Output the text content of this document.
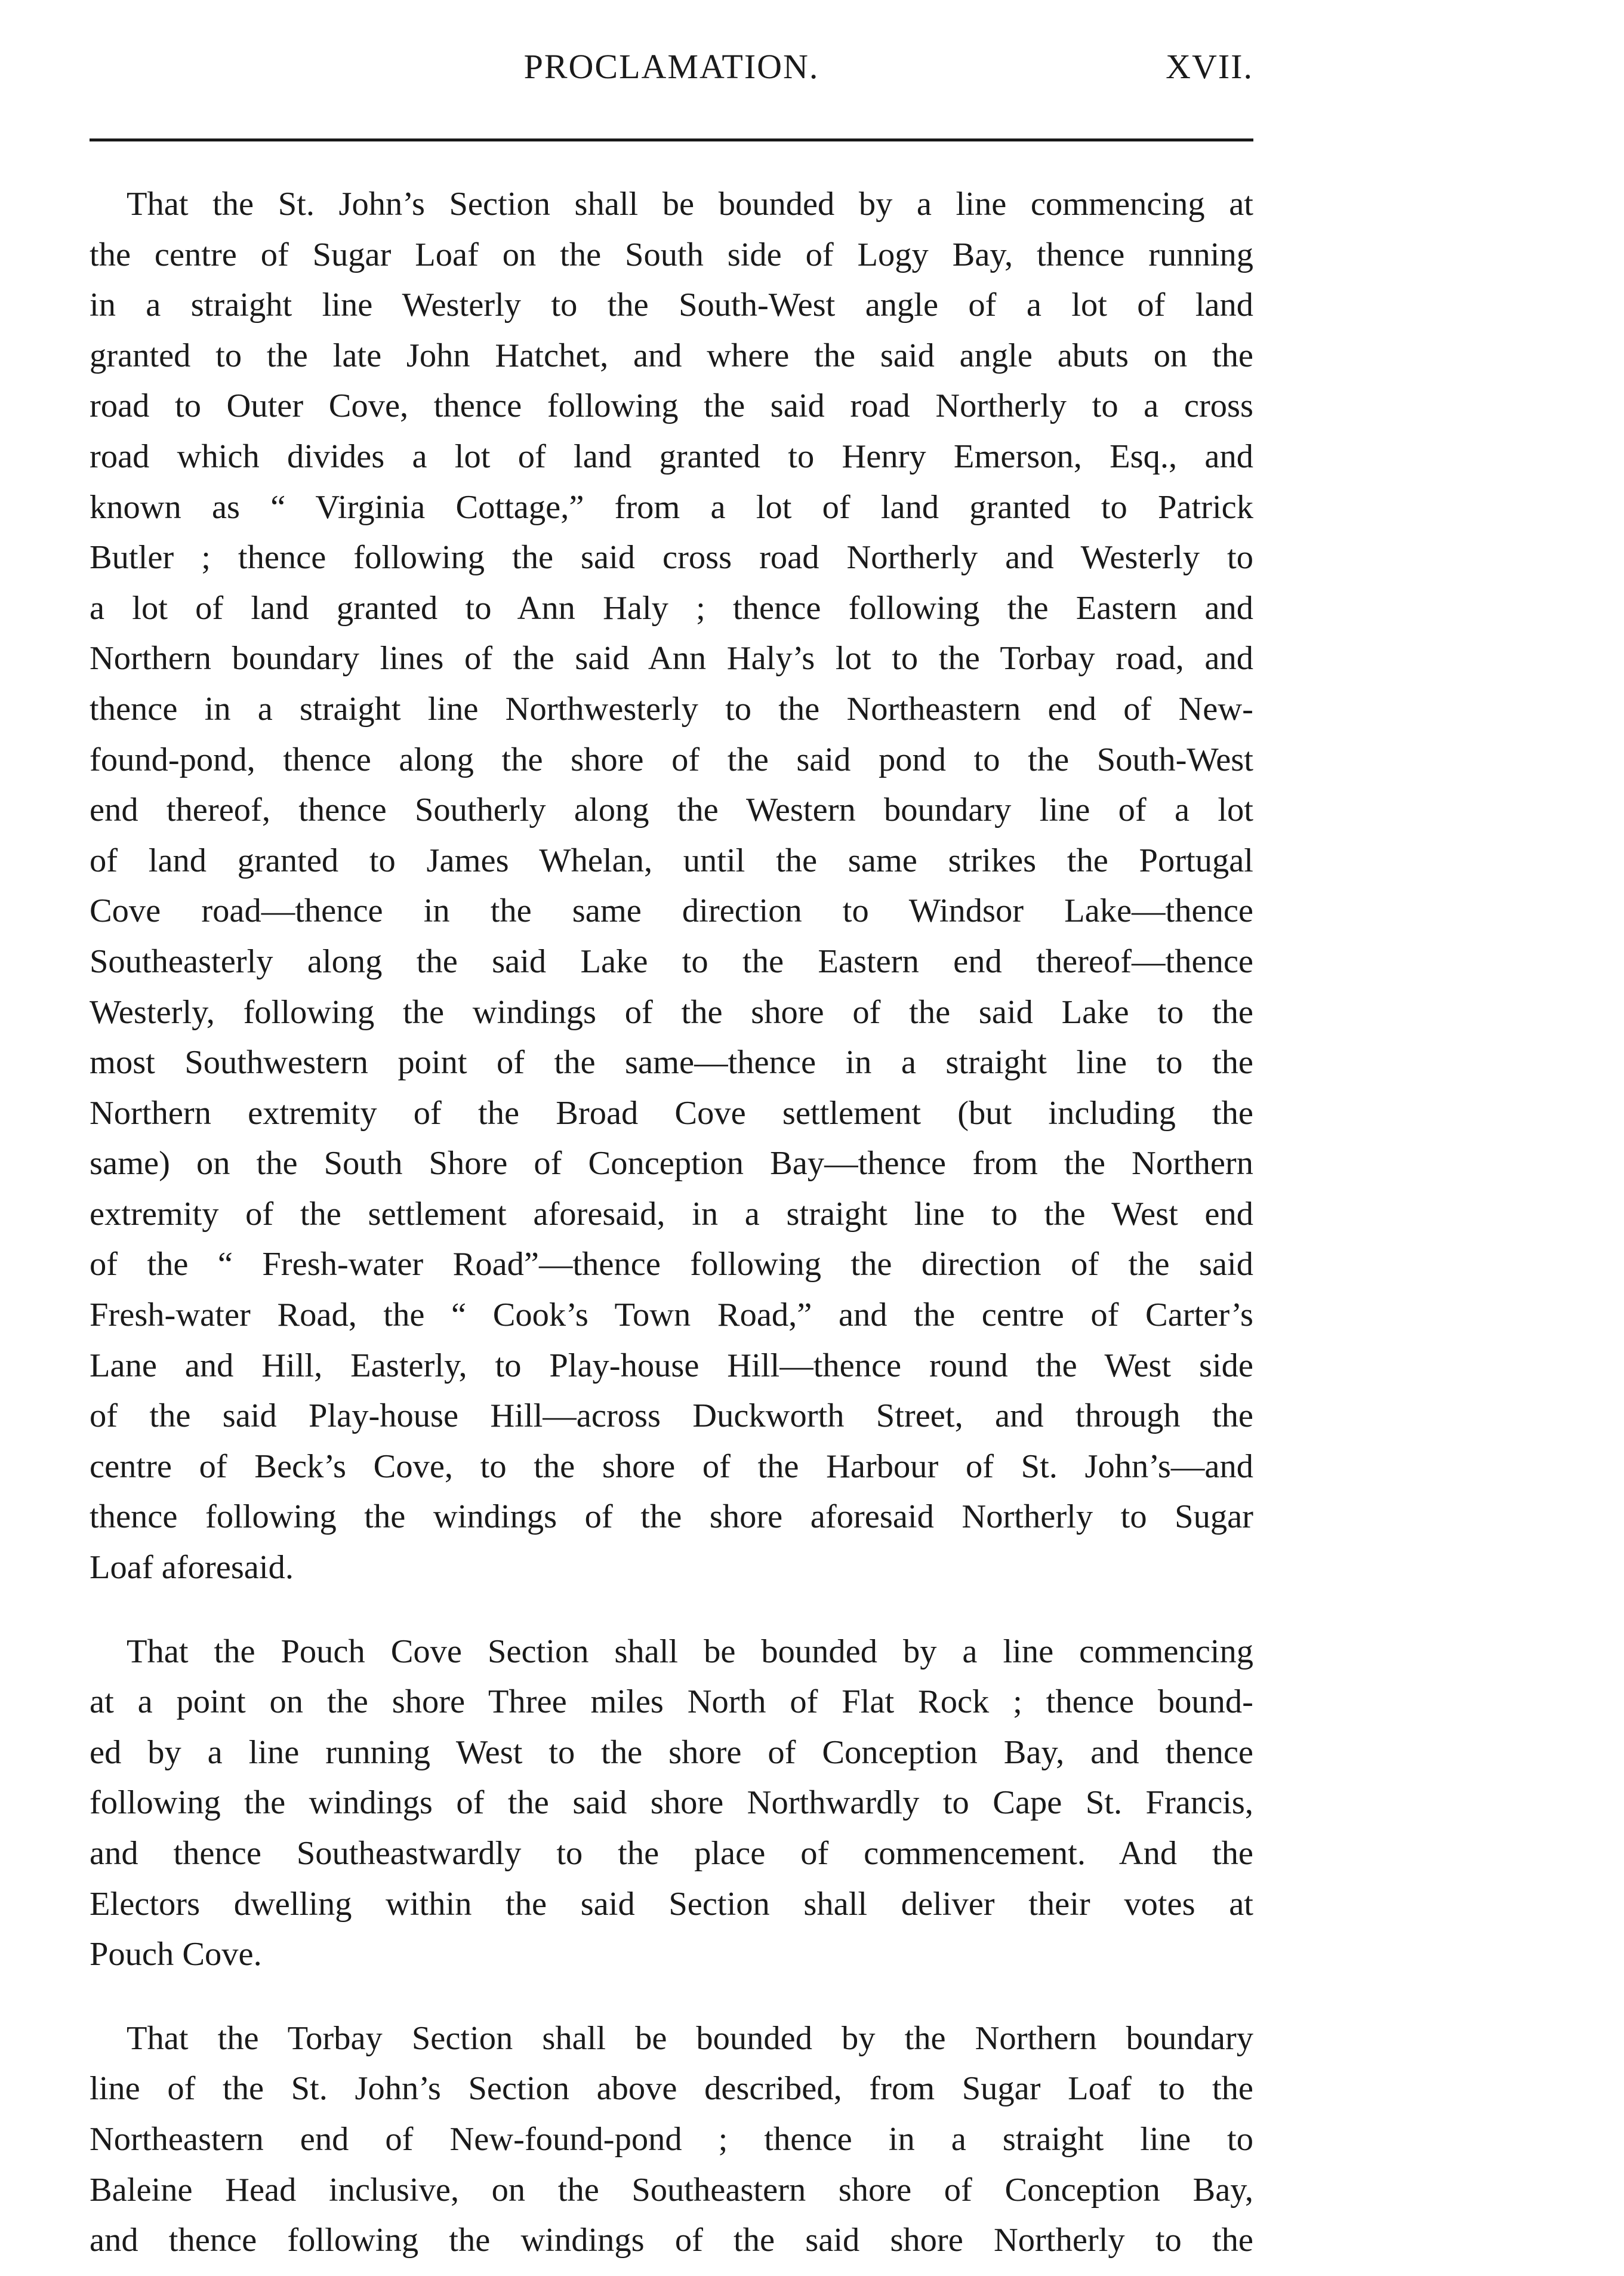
PROCLAMATION.	XVII.
That the St. John’s Section shall be bounded by a line commencing at
the centre of Sugar Loaf on the South side of Logy Bay, thence running
in a straight line Westerly to the South-West angle of a lot of land
granted to the late John Hatchet, and where the said angle abuts on the
road to Outer Cove, thence following the said road Northerly to a cross
road which divides a lot of land granted to Henry Emerson, Esq., and
known as “ Virginia Cottage,” from a lot of land granted to Patrick
Butler ; thence following the said cross road Northerly and Westerly to
a lot of land granted to Ann Haly ; thence following the Eastern and
Northern boundary lines of the said Ann Haly’s lot to the Torbay road, and
thence in a straight line Northwesterly to the Northeastern end of New-
found-pond, thence along the shore of the said pond to the South-West
end thereof, thence Southerly along the Western boundary line of a lot
of land granted to James Whelan, until the same strikes the Portugal
Cove road—thence in the same direction to Windsor Lake—thence
Southeasterly along the said Lake to the Eastern end thereof—thence
Westerly, following the windings of the shore of the said Lake to the
most Southwestern point of the same—thence in a straight line to the
Northern extremity of the Broad Cove settlement (but including the
same) on the South Shore of Conception Bay—thence from the Northern
extremity of the settlement aforesaid, in a straight line to the West end
of the “ Fresh-water Road”—thence following the direction of the said
Fresh-water Road, the “ Cook’s Town Road,” and the centre of Carter’s
Lane and Hill, Easterly, to Play-house Hill—thence round the West side
of the said Play-house Hill—across Duckworth Street, and through the
centre of Beck’s Cove, to the shore of the Harbour of St. John’s—and
thence following the windings of the shore aforesaid Northerly to Sugar
Loaf aforesaid.
That the Pouch Cove Section shall be bounded by a line commencing
at a point on the shore Three miles North of Flat Rock ; thence bound-
ed by a line running West to the shore of Conception Bay, and thence
following the windings of the said shore Northwardly to Cape St. Francis,
and thence Southeastwardly to the place of commencement. And the
Electors dwelling within the said Section shall deliver their votes at
Pouch Cove.
That the Torbay Section shall be bounded by the Northern boundary
line of the St. John’s Section above described, from Sugar Loaf to the
Northeastern end of New-found-pond ; thence in a straight line to
Baleine Head inclusive, on the Southeastern shore of Conception Bay,
and thence following the windings of the said shore Northerly to the
